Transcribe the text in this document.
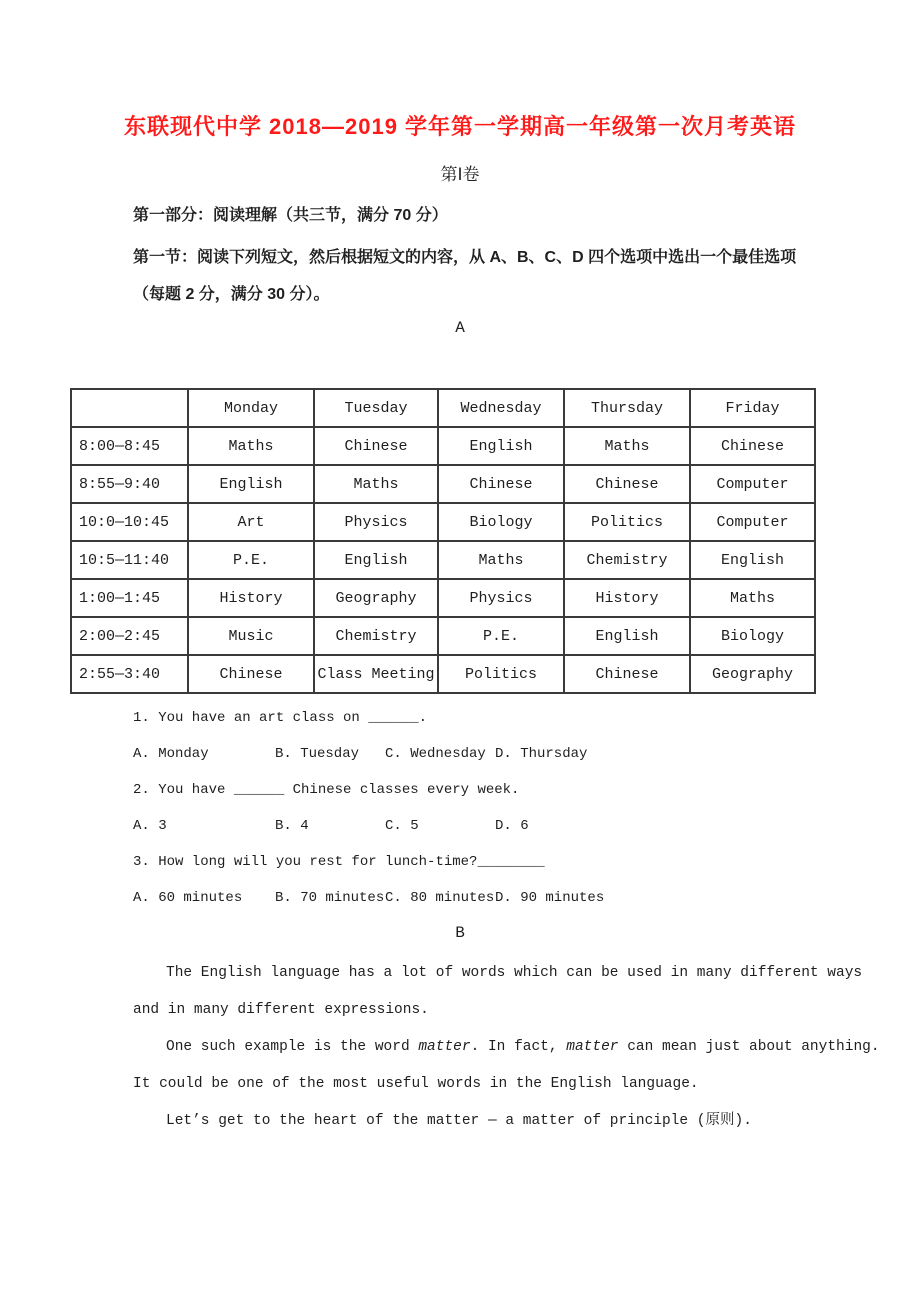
东联现代中学 2018—2019 学年第一学期高一年级第一次月考英语
第Ⅰ卷

第一部分：阅读理解（共三节，满分 70 分）

第一节：阅读下列短文，然后根据短文的内容，从 A、B、C、D 四个选项中选出一个最佳选项

（每题 2 分，满分 30 分）。

A
	Monday	Tuesday	Wednesday	Thursday	Friday
8:00—8:45	Maths	Chinese	English	Maths	Chinese
8:55—9:40	English	Maths	Chinese	Chinese	Computer
10:0—10:45	Art	Physics	Biology	Politics	Computer
10:5—11:40	P.E.	English	Maths	Chemistry	English
1:00—1:45	History	Geography	Physics	History	Maths
2:00—2:45	Music	Chemistry	P.E.	English	Biology
2:55—3:40	Chinese	Class Meeting	Politics	Chinese	Geography

1. You have an art class on ______.

A. Monday	B. Tuesday	C. Wednesday D. Thursday

2. You have ______ Chinese classes every week.

A. 3	B. 4	C. 5	D. 6

3. How long will you rest for lunch-time?________

A. 60 minutes	B. 70 minutes C. 80 minutes D. 90 minutes
B

The English language has a lot of words which can be used in many different ways

and in many different expressions.

One such example is the word matter. In fact, matter can mean just about anything.

It could be one of the most useful words in the English language.

Let’s get to the heart of the matter — a matter of principle (原则).
